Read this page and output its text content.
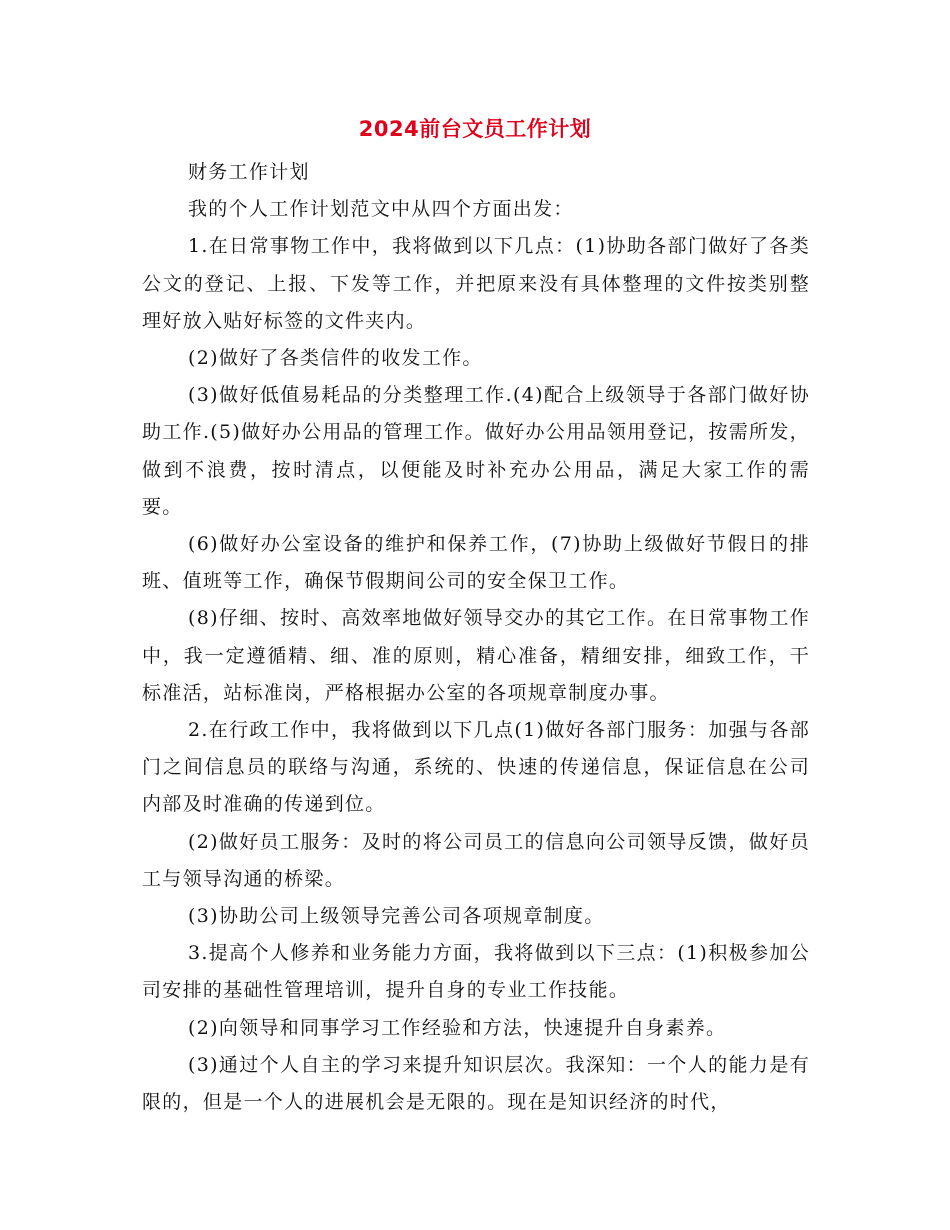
2024前台文员工作计划

财务工作计划

我的个人工作计划范文中从四个方面出发：

1.在日常事物工作中，我将做到以下几点：(1)协助各部门做好了各类公文的登记、上报、下发等工作，并把原来没有具体整理的文件按类别整理好放入贴好标签的文件夹内。

(2)做好了各类信件的收发工作。

(3)做好低值易耗品的分类整理工作.(4)配合上级领导于各部门做好协助工作.(5)做好办公用品的管理工作。做好办公用品领用登记，按需所发，做到不浪费，按时清点，以便能及时补充办公用品，满足大家工作的需要。

(6)做好办公室设备的维护和保养工作，(7)协助上级做好节假日的排班、值班等工作，确保节假期间公司的安全保卫工作。

(8)仔细、按时、高效率地做好领导交办的其它工作。在日常事物工作中，我一定遵循精、细、准的原则，精心准备，精细安排，细致工作，干标准活，站标准岗，严格根据办公室的各项规章制度办事。

2.在行政工作中，我将做到以下几点(1)做好各部门服务：加强与各部门之间信息员的联络与沟通，系统的、快速的传递信息，保证信息在公司内部及时准确的传递到位。

(2)做好员工服务：及时的将公司员工的信息向公司领导反馈，做好员工与领导沟通的桥梁。

(3)协助公司上级领导完善公司各项规章制度。

3.提高个人修养和业务能力方面，我将做到以下三点：(1)积极参加公司安排的基础性管理培训，提升自身的专业工作技能。

(2)向领导和同事学习工作经验和方法，快速提升自身素养。

(3)通过个人自主的学习来提升知识层次。我深知：一个人的能力是有限的，但是一个人的进展机会是无限的。现在是知识经济的时代，
